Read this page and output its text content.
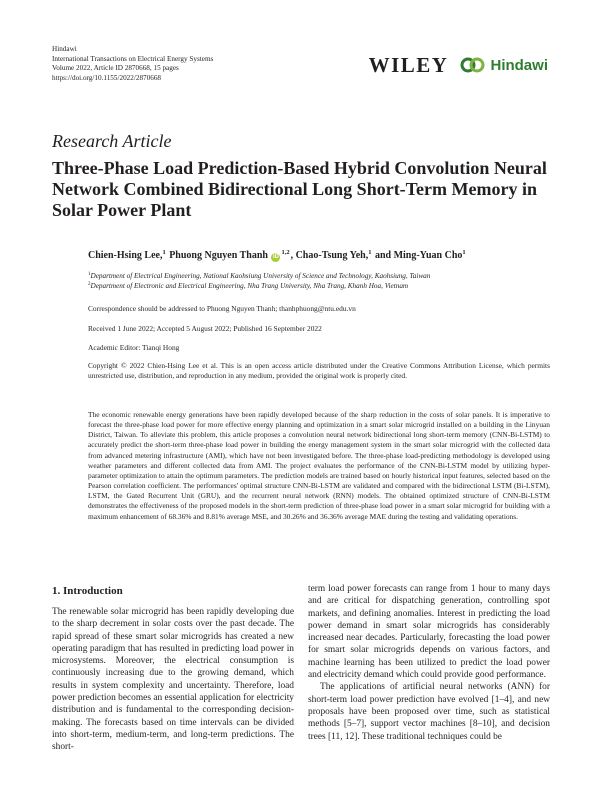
Hindawi
International Transactions on Electrical Energy Systems
Volume 2022, Article ID 2870668, 15 pages
https://doi.org/10.1155/2022/2870668
WILEY	Hindawi
Research Article
Three-Phase Load Prediction-Based Hybrid Convolution Neural Network Combined Bidirectional Long Short-Term Memory in Solar Power Plant
Chien-Hsing Lee,$^1$ Phuong Nguyen Thanh iD$^{1,2}$, Chao-Tsung Yeh,$^1$ and Ming-Yuan Cho$^1$
$^1$Department of Electrical Engineering, National Kaohsiung University of Science and Technology, Kaohsiung, Taiwan
$^2$Department of Electronic and Electrical Engineering, Nha Trang University, Nha Trang, Khanh Hoa, Vietnam
Correspondence should be addressed to Phuong Nguyen Thanh; thanhphuong@ntu.edu.vn
Received 1 June 2022; Accepted 5 August 2022; Published 16 September 2022
Academic Editor: Tianqi Hong

Copyright © 2022 Chien-Hsing Lee et al. This is an open access article distributed under the Creative Commons Attribution License, which permits unrestricted use, distribution, and reproduction in any medium, provided the original work is properly cited.

The economic renewable energy generations have been rapidly developed because of the sharp reduction in the costs of solar panels. It is imperative to forecast the three-phase load power for more effective energy planning and optimization in a smart solar microgrid installed on a building in the Linyuan District, Taiwan. To alleviate this problem, this article proposes a convolution neural network bidirectional long short-term memory (CNN-Bi-LSTM) to accurately predict the short-term three-phase load power in building the energy management system in the smart solar microgrid with the collected data from advanced metering infrastructure (AMI), which have not been investigated before. The three-phase load-predicting methodology is developed using weather parameters and different collected data from AMI. The project evaluates the performance of the CNN-Bi-LSTM model by utilizing hyper-parameter optimization to attain the optimum parameters. The prediction models are trained based on hourly historical input features, selected based on the Pearson correlation coefficient. The performances' optimal structure CNN-Bi-LSTM are validated and compared with the bidirectional LSTM (Bi-LSTM), LSTM, the Gated Recurrent Unit (GRU), and the recurrent neural network (RNN) models. The obtained optimized structure of CNN-Bi-LSTM demonstrates the effectiveness of the proposed models in the short-term prediction of three-phase load power in a smart solar microgrid for building with a maximum enhancement of 68.36% and 8.81% average MSE, and 30.26% and 36.36% average MAE during the testing and validating operations.

1. Introduction

The renewable solar microgrid has been rapidly developing due to the sharp decrement in solar costs over the past decade. The rapid spread of these smart solar microgrids has created a new operating paradigm that has resulted in predicting load power in microsystems. Moreover, the electrical consumption is continuously increasing due to the growing demand, which results in system complexity and uncertainty. Therefore, load power prediction becomes an essential application for electricity distribution and is fundamental to the corresponding decision-making. The forecasts based on time intervals can be divided into short-term, medium-term, and long-term predictions. The short-

term load power forecasts can range from 1 hour to many days and are critical for dispatching generation, controlling spot markets, and defining anomalies. Interest in predicting the load power demand in smart solar microgrids has considerably increased near decades. Particularly, forecasting the load power for smart solar microgrids depends on various factors, and machine learning has been utilized to predict the load power and electricity demand which could provide good performance.

The applications of artificial neural networks (ANN) for short-term load power prediction have evolved [1–4], and new proposals have been proposed over time, such as statistical methods [5–7], support vector machines [8–10], and decision trees [11, 12]. These traditional techniques could be
